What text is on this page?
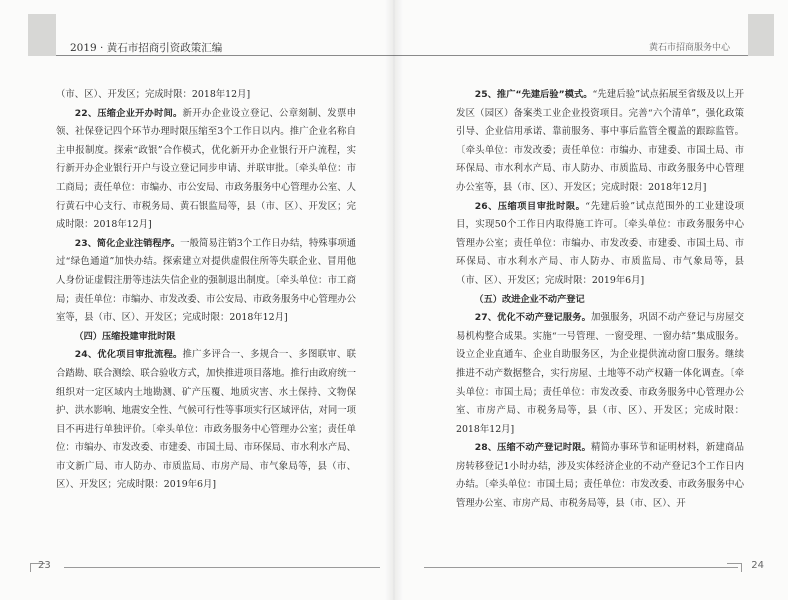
2019 · 黄石市招商引资政策汇编

（市、区）、开发区；完成时限：2018年12月]

22、压缩企业开办时间。新开办企业设立登记、公章刻制、发票申领、社保登记四个环节办理时限压缩至3个工作日以内。推广企业名称自主申报制度。探索“政银”合作模式，优化新开办企业银行开户流程，实行新开办企业银行开户与设立登记同步申请、并联审批。〔牵头单位：市工商局；责任单位：市编办、市公安局、市政务服务中心管理办公室、人行黄石中心支行、市税务局、黄石银监局等，县（市、区）、开发区；完成时限：2018年12月]

23、简化企业注销程序。一般简易注销3个工作日办结，特殊事项通过“绿色通道”加快办结。探索建立对提供虚假住所等失联企业、冒用他人身份证虚假注册等违法失信企业的强制退出制度。〔牵头单位：市工商局；责任单位：市编办、市发改委、市公安局、市政务服务中心管理办公室等，县（市、区）、开发区；完成时限：2018年12月]

（四）压缩投建审批时限

24、优化项目审批流程。推广多评合一、多规合一、多图联审、联合踏勘、联合测绘、联合验收方式，加快推进项目落地。推行由政府统一组织对一定区域内土地勘测、矿产压覆、地质灾害、水土保持、文物保护、洪水影响、地震安全性、气候可行性等事项实行区域评估，对同一项目不再进行单独评价。〔牵头单位：市政务服务中心管理办公室；责任单位：市编办、市发改委、市建委、市国土局、市环保局、市水利水产局、市文新广局、市人防办、市质监局、市房产局、市气象局等，县（市、区）、开发区；完成时限：2019年6月]

23
黄石市招商服务中心

25、推广“先建后验”模式。“先建后验”试点拓展至省级及以上开发区（园区）备案类工业企业投资项目。完善“六个清单”，强化政策引导、企业信用承诺、靠前服务、事中事后监管全覆盖的跟踪监管。〔牵头单位：市发改委；责任单位：市编办、市建委、市国土局、市环保局、市水利水产局、市人防办、市质监局、市政务服务中心管理办公室等，县（市、区）、开发区；完成时限：2018年12月]

26、压缩项目审批时限。“先建后验”试点范围外的工业建设项目，实现50个工作日内取得施工许可。〔牵头单位：市政务服务中心管理办公室；责任单位：市编办、市发改委、市建委、市国土局、市环保局、市水利水产局、市人防办、市质监局、市气象局等，县（市、区）、开发区；完成时限：2019年6月]

（五）改进企业不动产登记

27、优化不动产登记服务。加强服务，巩固不动产登记与房屋交易机构整合成果。实施“一号管理、一窗受理、一窗办结”集成服务。设立企业直通车、企业自助服务区，为企业提供流动窗口服务。继续推进不动产数据整合，实行房屋、土地等不动产权籍一体化调查。〔牵头单位：市国土局；责任单位：市发改委、市政务服务中心管理办公室、市房产局、市税务局等，县（市、区）、开发区；完成时限：2018年12月]

28、压缩不动产登记时限。精简办事环节和证明材料，新建商品房转移登记1小时办结，涉及实体经济企业的不动产登记3个工作日内办结。〔牵头单位：市国土局；责任单位：市发改委、市政务服务中心管理办公室、市房产局、市税务局等，县（市、区）、开

24
